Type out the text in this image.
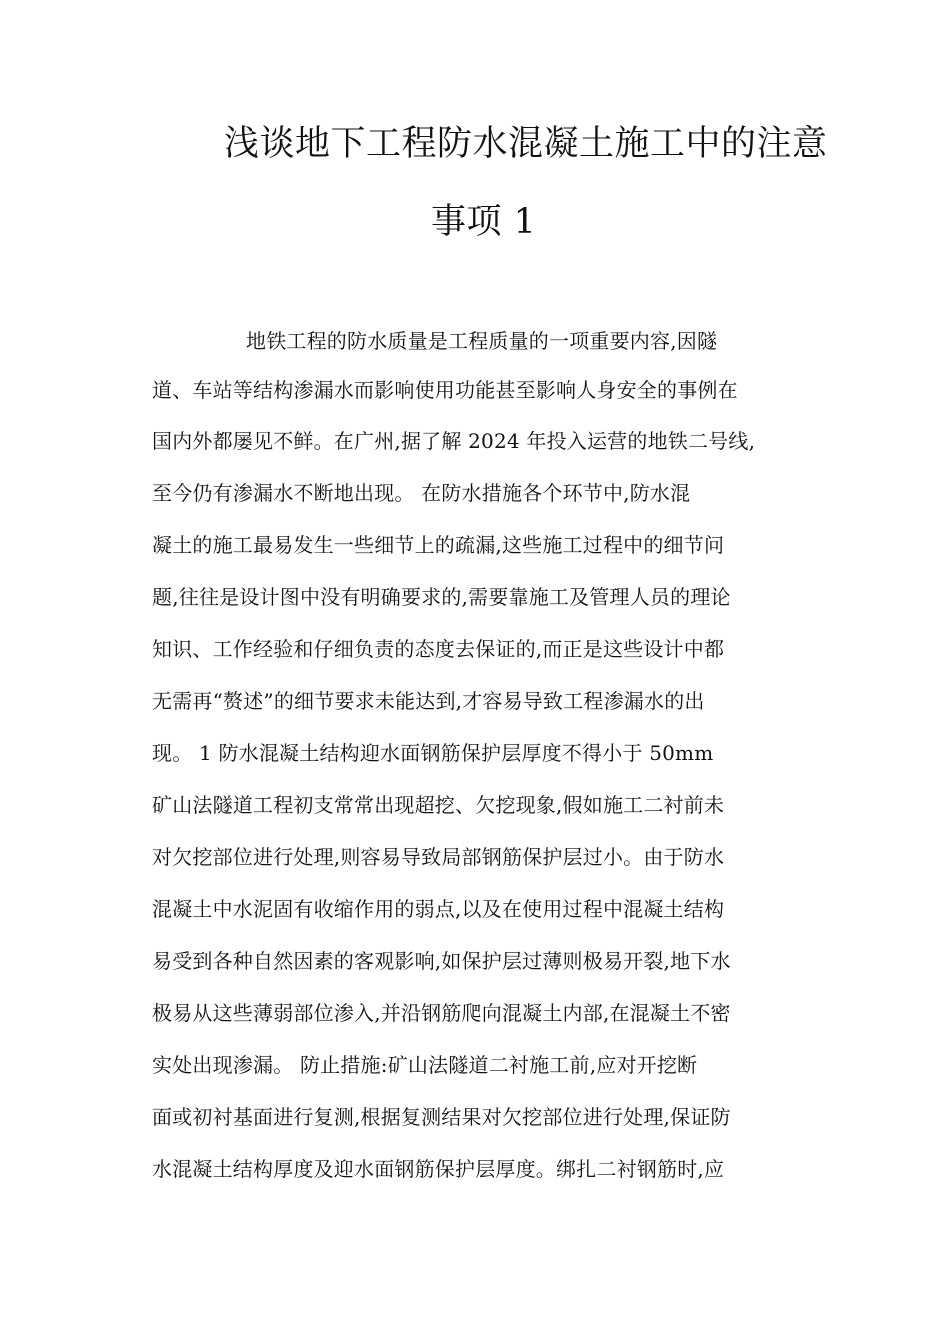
浅谈地下工程防水混凝土施工中的注意
事项 1
地铁工程的防水质量是工程质量的一项重要内容,因隧
道、车站等结构渗漏水而影响使用功能甚至影响人身安全的事例在
国内外都屡见不鲜。在广州,据了解 2024 年投入运营的地铁二号线,
至今仍有渗漏水不断地出现。 在防水措施各个环节中,防水混
凝土的施工最易发生一些细节上的疏漏,这些施工过程中的细节问
题,往往是设计图中没有明确要求的,需要靠施工及管理人员的理论
知识、工作经验和仔细负责的态度去保证的,而正是这些设计中都
无需再“赘述”的细节要求未能达到,才容易导致工程渗漏水的出
现。 1 防水混凝土结构迎水面钢筋保护层厚度不得小于 50mm
矿山法隧道工程初支常常出现超挖、欠挖现象,假如施工二衬前未
对欠挖部位进行处理,则容易导致局部钢筋保护层过小。由于防水
混凝土中水泥固有收缩作用的弱点,以及在使用过程中混凝土结构
易受到各种自然因素的客观影响,如保护层过薄则极易开裂,地下水
极易从这些薄弱部位渗入,并沿钢筋爬向混凝土内部,在混凝土不密
实处出现渗漏。 防止措施:矿山法隧道二衬施工前,应对开挖断
面或初衬基面进行复测,根据复测结果对欠挖部位进行处理,保证防
水混凝土结构厚度及迎水面钢筋保护层厚度。绑扎二衬钢筋时,应
